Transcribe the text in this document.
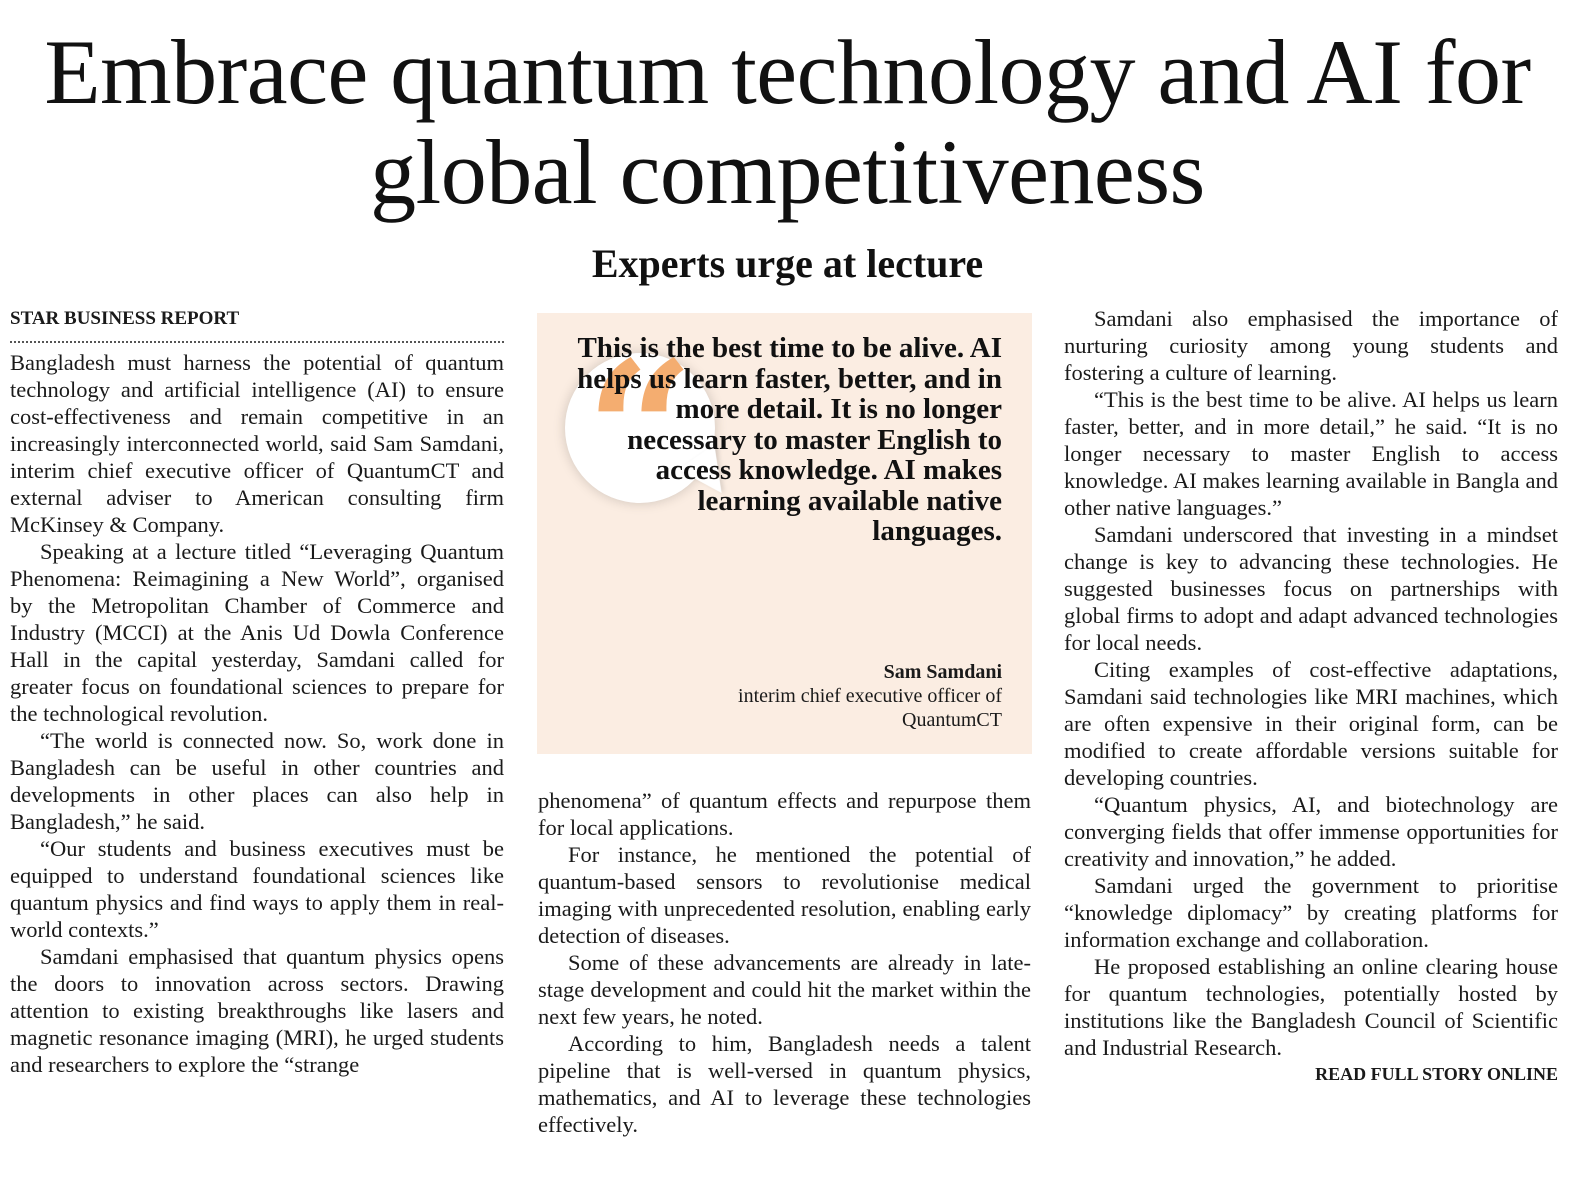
Embrace quantum technology and AI for global competitiveness
Experts urge at lecture
STAR BUSINESS REPORT

Bangladesh must harness the potential of quantum technology and artificial intelligence (AI) to ensure cost-effectiveness and remain competitive in an increasingly interconnected world, said Sam Samdani, interim chief executive officer of QuantumCT and external adviser to American consulting firm McKinsey & Company.

Speaking at a lecture titled “Leveraging Quantum Phenomena: Reimagining a New World”, organised by the Metropolitan Chamber of Commerce and Industry (MCCI) at the Anis Ud Dowla Conference Hall in the capital yesterday, Samdani called for greater focus on foundational sciences to prepare for the technological revolution.

“The world is connected now. So, work done in Bangladesh can be useful in other countries and developments in other places can also help in Bangladesh,” he said.

“Our students and business executives must be equipped to understand foundational sciences like quantum physics and find ways to apply them in real-world contexts.”

Samdani emphasised that quantum physics opens the doors to innovation across sectors. Drawing attention to existing breakthroughs like lasers and magnetic resonance imaging (MRI), he urged students and researchers to explore the “strange

“

This is the best time to be alive. AI helps us learn faster, better, and in more detail. It is no longer necessary to master English to access knowledge. AI makes learning available native languages.

Sam Samdani

interim chief executive officer of QuantumCT

phenomena” of quantum effects and repurpose them for local applications.

For instance, he mentioned the potential of quantum-based sensors to revolutionise medical imaging with unprecedented resolution, enabling early detection of diseases.

Some of these advancements are already in late-stage development and could hit the market within the next few years, he noted.

According to him, Bangladesh needs a talent pipeline that is well-versed in quantum physics, mathematics, and AI to leverage these technologies effectively.

Samdani also emphasised the importance of nurturing curiosity among young students and fostering a culture of learning.

“This is the best time to be alive. AI helps us learn faster, better, and in more detail,” he said. “It is no longer necessary to master English to access knowledge. AI makes learning available in Bangla and other native languages.”

Samdani underscored that investing in a mindset change is key to advancing these technologies. He suggested businesses focus on partnerships with global firms to adopt and adapt advanced technologies for local needs.

Citing examples of cost-effective adaptations, Samdani said technologies like MRI machines, which are often expensive in their original form, can be modified to create affordable versions suitable for developing countries.

“Quantum physics, AI, and biotechnology are converging fields that offer immense opportunities for creativity and innovation,” he added.

Samdani urged the government to prioritise “knowledge diplomacy” by creating platforms for information exchange and collaboration.

He proposed establishing an online clearing house for quantum technologies, potentially hosted by institutions like the Bangladesh Council of Scientific and Industrial Research.
READ FULL STORY ONLINE
